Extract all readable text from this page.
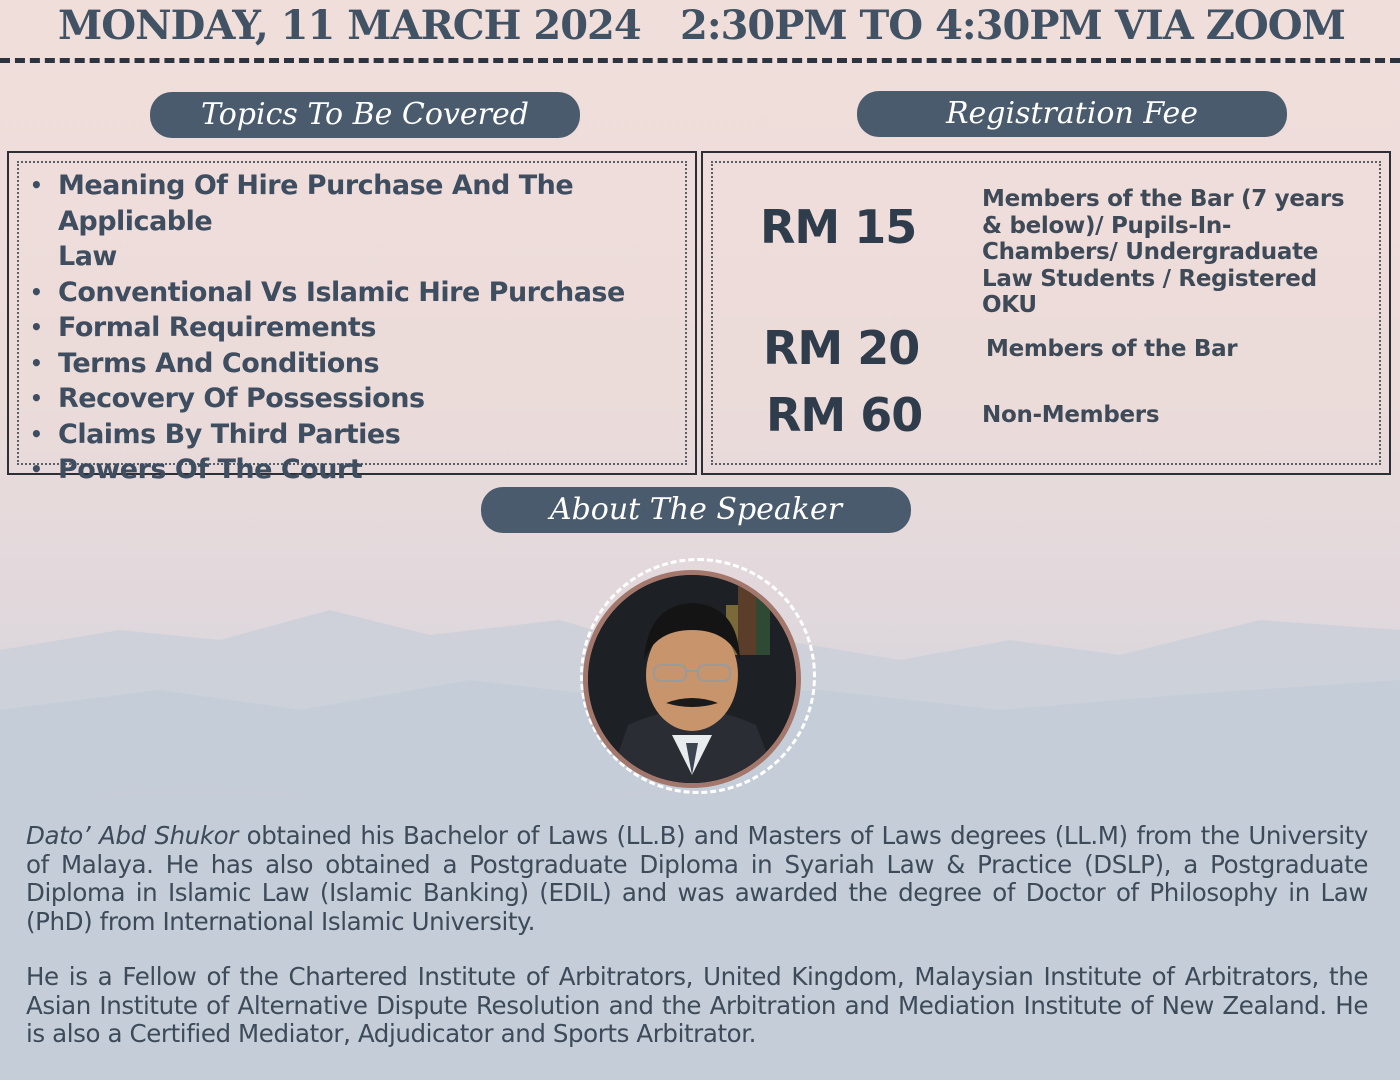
MONDAY, 11 MARCH 2024 2:30PM TO 4:30PM VIA ZOOM
Topics To Be Covered
• Meaning Of Hire Purchase And The Applicable
Law
• Conventional Vs Islamic Hire Purchase
• Formal Requirements
• Terms And Conditions
• Recovery Of Possessions
• Claims By Third Parties
• Powers Of The Court
Registration Fee
RM 15
Members of the Bar (7 years & below)/ Pupils-In-Chambers/ Undergraduate Law Students / Registered OKU
RM 20	Members of the Bar
RM 60	Non-Members
About The Speaker
Dato’ Abd Shukor obtained his Bachelor of Laws (LL.B) and Masters of Laws degrees (LL.M) from the University of Malaya. He has also obtained a Postgraduate Diploma in Syariah Law & Practice (DSLP), a Postgraduate Diploma in Islamic Law (Islamic Banking) (EDIL) and was awarded the degree of Doctor of Philosophy in Law (PhD) from International Islamic University.
He is a Fellow of the Chartered Institute of Arbitrators, United Kingdom, Malaysian Institute of Arbitrators, the Asian Institute of Alternative Dispute Resolution and the Arbitration and Mediation Institute of New Zealand. He is also a Certified Mediator, Adjudicator and Sports Arbitrator.
